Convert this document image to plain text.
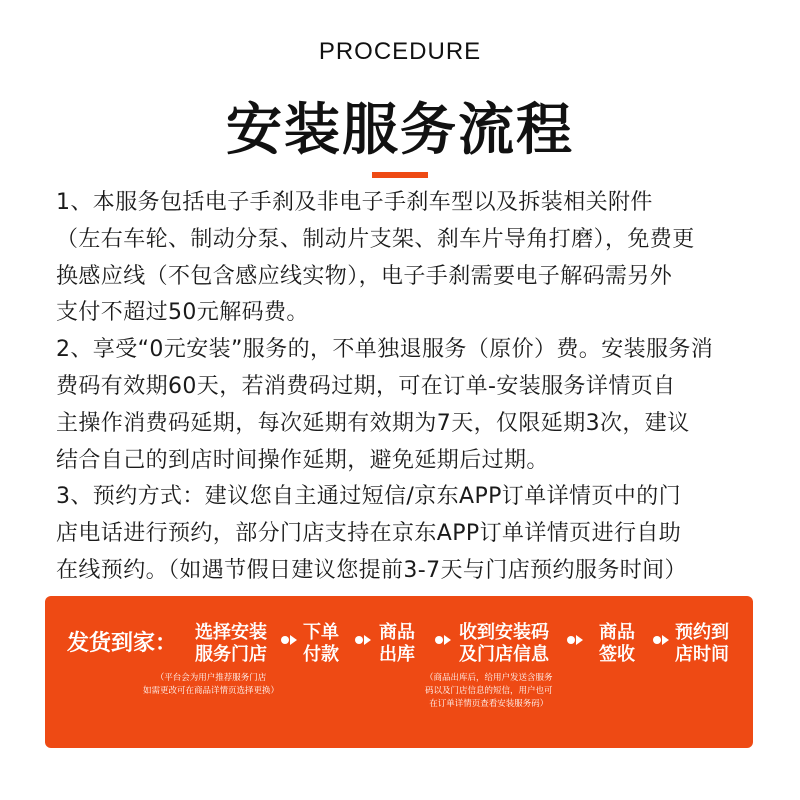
PROCEDURE
安装服务流程
1、本服务包括电子手刹及非电子手刹车型以及拆装相关附件
（左右车轮、制动分泵、制动片支架、刹车片导角打磨），免费更
换感应线（不包含感应线实物），电子手刹需要电子解码需另外
支付不超过50元解码费。
2、享受“0元安装”服务的，不单独退服务（原价）费。安装服务消
费码有效期60天，若消费码过期，可在订单-安装服务详情页自
主操作消费码延期，每次延期有效期为7天，仅限延期3次，建议
结合自己的到店时间操作延期，避免延期后过期。
3、预约方式：建议您自主通过短信/京东APP订单详情页中的门
店电话进行预约，部分门店支持在京东APP订单详情页进行自助
在线预约。（如遇节假日建议您提前3-7天与门店预约服务时间）
发货到家： 选择安装
服务门店
下单
付款
商品
出库
收到安装码
及门店信息
商品
签收
预约到
店时间
（平台会为用户推荐服务门店
如需更改可在商品详情页选择更换）
（商品出库后，给用户发送含服务
码以及门店信息的短信，用户也可
在订单详情页查看安装服务码）
